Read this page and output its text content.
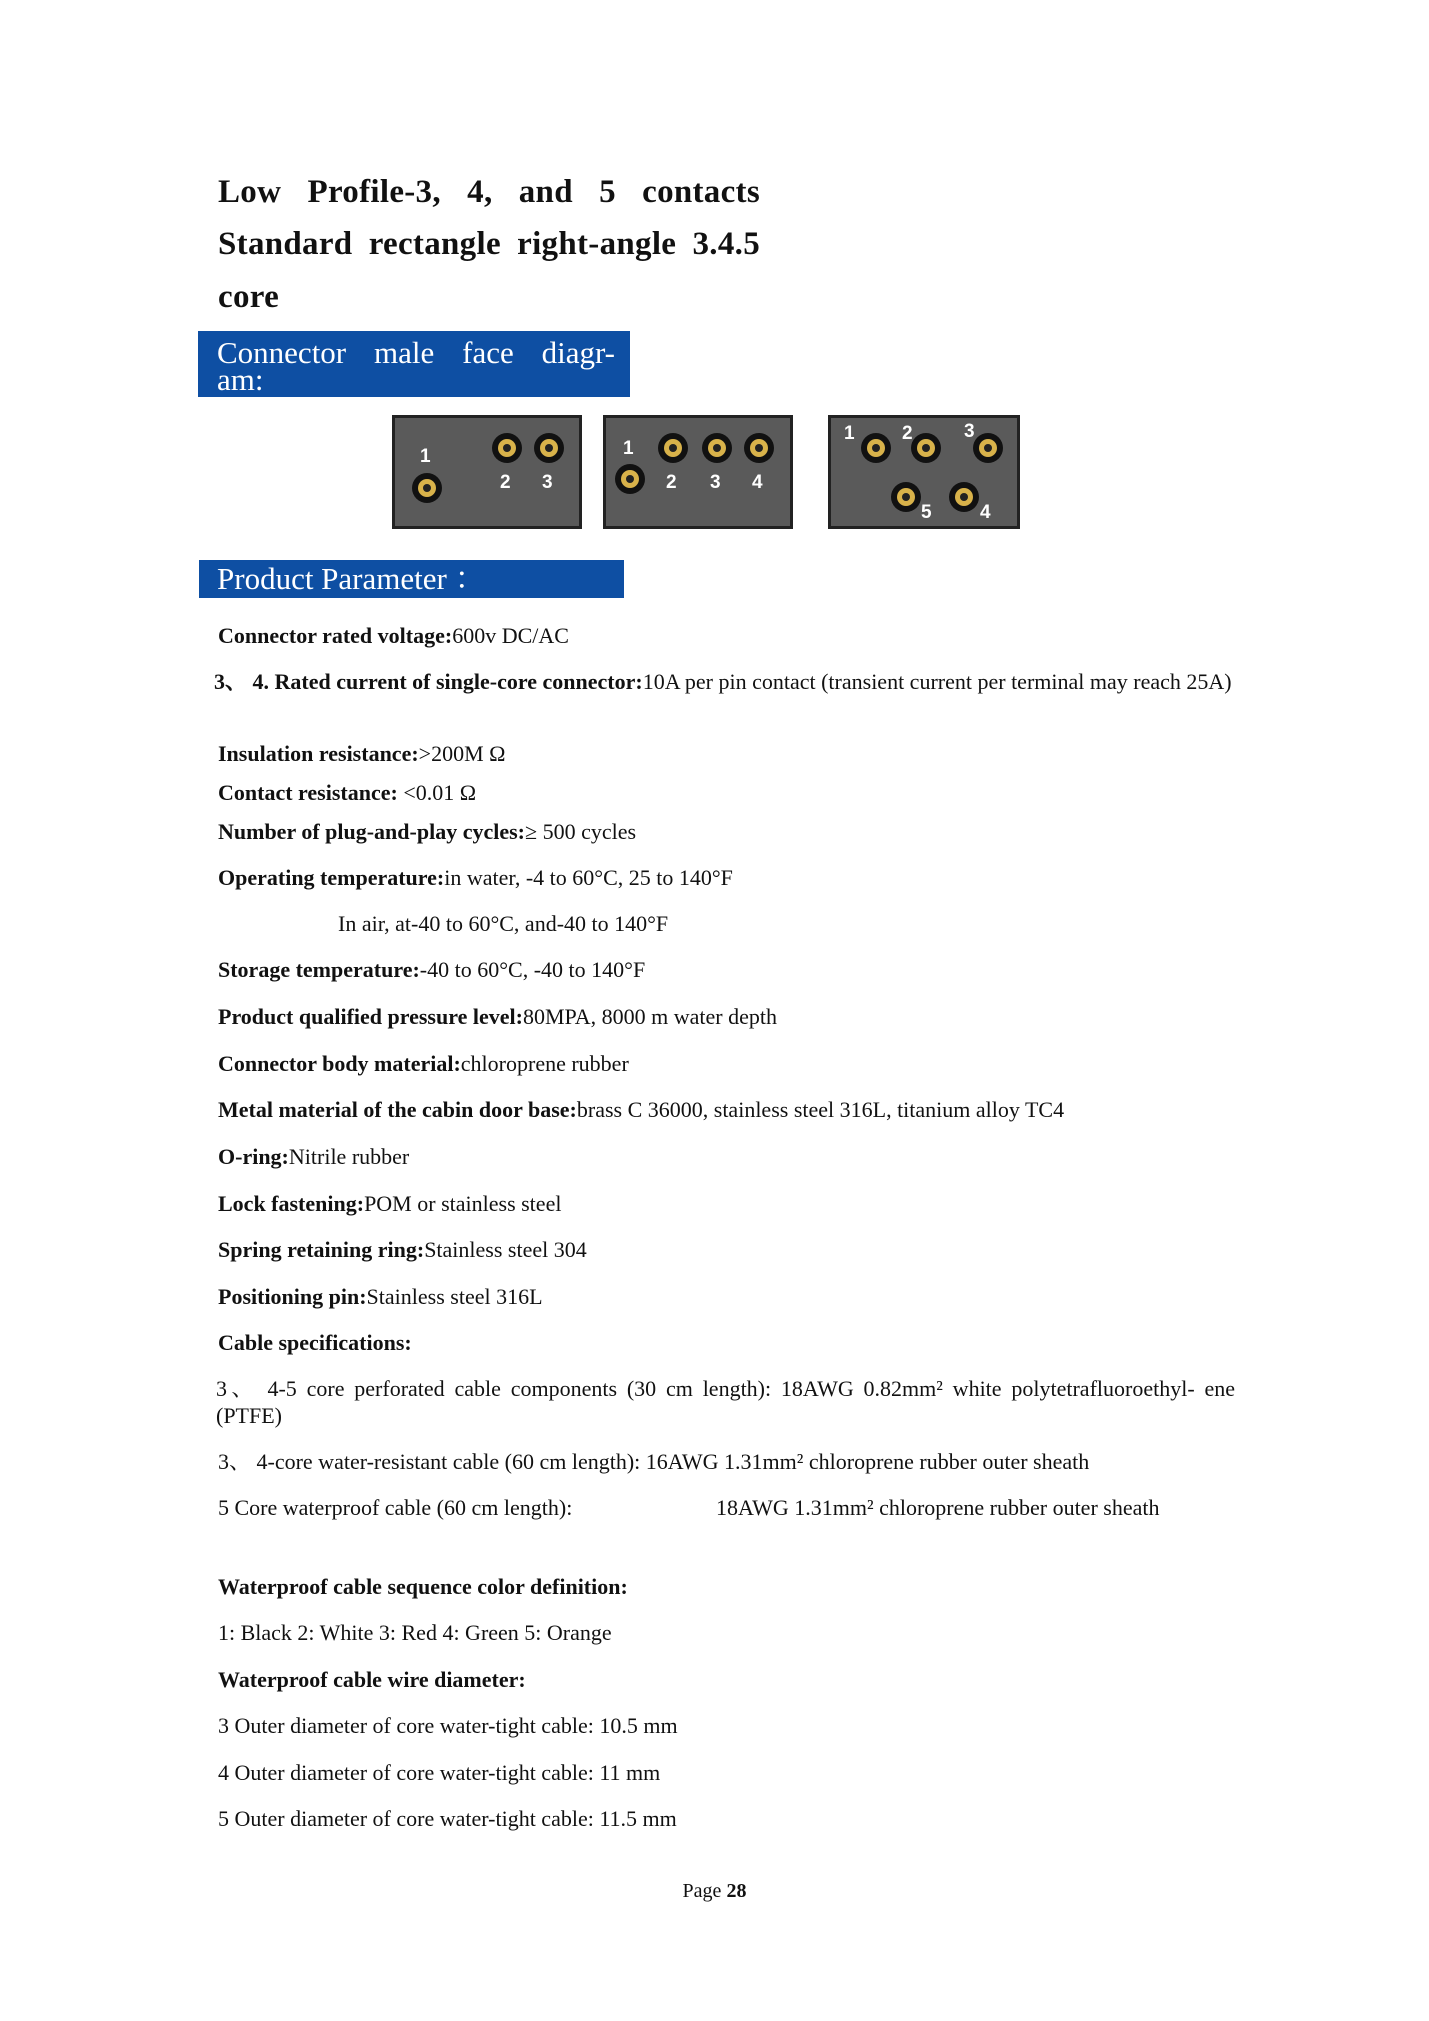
Low Profile-3, 4, and 5 contacts
Standard rectangle right-angle 3.4.5
core
Connector male face diagr-
am:
1
2 3
1
2 3 4
1 2	3
4
5
Product Parameter ：
Connector rated voltage:600v DC/AC
3、 4. Rated current of single-core connector:10A per pin contact (transient current per terminal may reach 25A)
Insulation resistance:>200M Ω
Contact resistance: <0.01 Ω
Number of plug-and-play cycles:≥ 500 cycles
Operating temperature:in water, -4 to 60°C, 25 to 140°F
In air, at-40 to 60°C, and-40 to 140°F
Storage temperature:-40 to 60°C, -40 to 140°F
Product qualified pressure level:80MPA, 8000 m water depth
Connector body material:chloroprene rubber
Metal material of the cabin door base:brass C 36000, stainless steel 316L, titanium alloy TC4
O-ring:Nitrile rubber
Lock fastening:POM or stainless steel
Spring retaining ring:Stainless steel 304
Positioning pin:Stainless steel 316L
Cable specifications:
3、 4-5 core perforated cable components (30 cm length): 18AWG 0.82mm² white polytetrafluoroethyl- ene (PTFE)
3、 4-core water-resistant cable (60 cm length): 16AWG 1.31mm² chloroprene rubber outer sheath
5 Core waterproof cable (60 cm length):	18AWG 1.31mm² chloroprene rubber outer sheath
Waterproof cable sequence color definition:
1: Black 2: White 3: Red 4: Green 5: Orange
Waterproof cable wire diameter:
3 Outer diameter of core water-tight cable: 10.5 mm
4 Outer diameter of core water-tight cable: 11 mm
5 Outer diameter of core water-tight cable: 11.5 mm
Page 28
